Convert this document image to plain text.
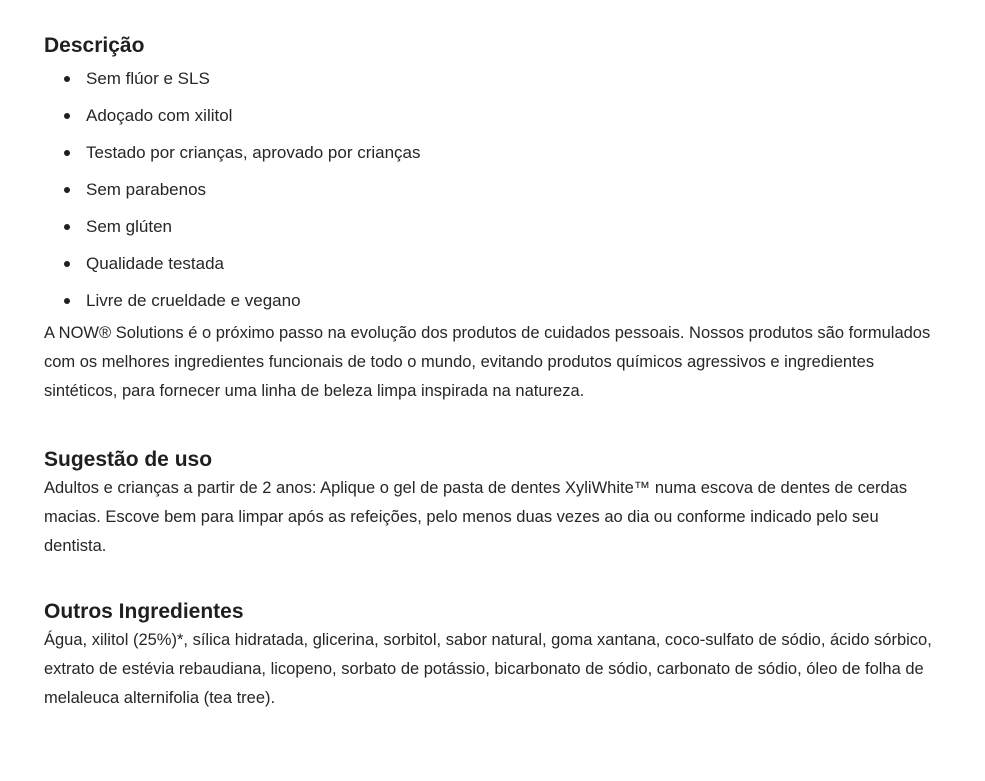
Descrição
Sem flúor e SLS
Adoçado com xilitol
Testado por crianças, aprovado por crianças
Sem parabenos
Sem glúten
Qualidade testada
Livre de crueldade e vegano

A NOW® Solutions é o próximo passo na evolução dos produtos de cuidados pessoais. Nossos produtos são formulados com os melhores ingredientes funcionais de todo o mundo, evitando produtos químicos agressivos e ingredientes sintéticos, para fornecer uma linha de beleza limpa inspirada na natureza.

Sugestão de uso

Adultos e crianças a partir de 2 anos: Aplique o gel de pasta de dentes XyliWhite™ numa escova de dentes de cerdas macias. Escove bem para limpar após as refeições, pelo menos duas vezes ao dia ou conforme indicado pelo seu dentista.

Outros Ingredientes

Água, xilitol (25%)*, sílica hidratada, glicerina, sorbitol, sabor natural, goma xantana, coco-sulfato de sódio, ácido sórbico, extrato de estévia rebaudiana, licopeno, sorbato de potássio, bicarbonato de sódio, carbonato de sódio, óleo de folha de melaleuca alternifolia (tea tree).
